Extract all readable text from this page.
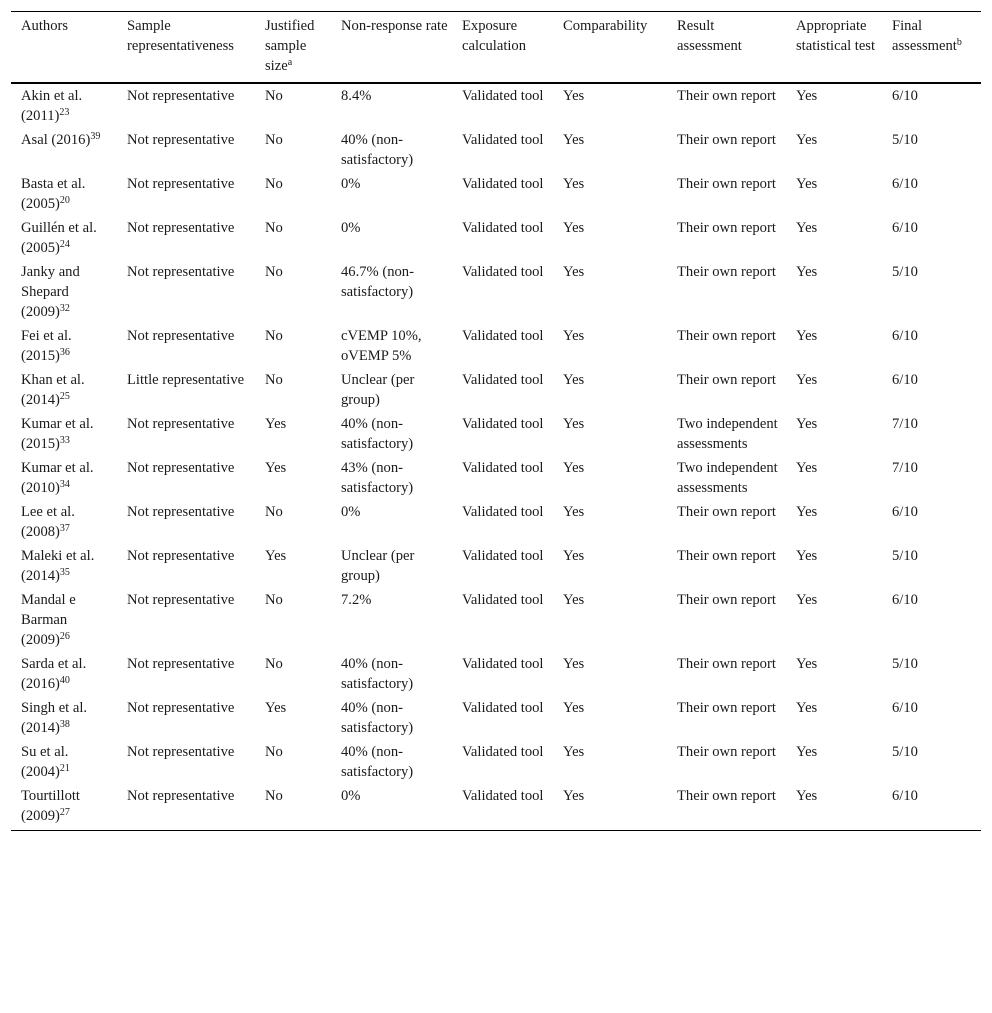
Authors	Sample representativeness	Justified sample size$^a$	Non-response rate	Exposure calculation	Comparability	Result assessment	Appropriate statistical test	Final assessment$^b$
Akin et al. $(2011)^{23}$	Not representative	No	8.4%	Validated tool	Yes	Their own report	Yes	6/10
Asal $(2016)^{39}$	Not representative	No	40% (non-satisfactory)	Validated tool	Yes	Their own report	Yes	5/10
Basta et al. $(2005)^{20}$	Not representative	No	0%	Validated tool	Yes	Their own report	Yes	6/10
Guillén et al. $(2005)^{24}$	Not representative	No	0%	Validated tool	Yes	Their own report	Yes	6/10
Janky and Shepard $(2009)^{32}$	Not representative	No	46.7% (non-satisfactory)	Validated tool	Yes	Their own report	Yes	5/10
Fei et al. $(2015)^{36}$	Not representative	No	cVEMP 10%, oVEMP 5%	Validated tool	Yes	Their own report	Yes	6/10
Khan et al. $(2014)^{25}$	Little representative	No	Unclear (per group)	Validated tool	Yes	Their own report	Yes	6/10
Kumar et al. $(2015)^{33}$	Not representative	Yes	40% (non-satisfactory)	Validated tool	Yes	Two independent assessments	Yes	7/10
Kumar et al. $(2010)^{34}$	Not representative	Yes	43% (non-satisfactory)	Validated tool	Yes	Two independent assessments	Yes	7/10
Lee et al. $(2008)^{37}$	Not representative	No	0%	Validated tool	Yes	Their own report	Yes	6/10
Maleki et al. $(2014)^{35}$	Not representative	Yes	Unclear (per group)	Validated tool	Yes	Their own report	Yes	5/10
Mandal e Barman $(2009)^{26}$	Not representative	No	7.2%	Validated tool	Yes	Their own report	Yes	6/10
Sarda et al. $(2016)^{40}$	Not representative	No	40% (non-satisfactory)	Validated tool	Yes	Their own report	Yes	5/10
Singh et al. $(2014)^{38}$	Not representative	Yes	40% (non-satisfactory)	Validated tool	Yes	Their own report	Yes	6/10
Su et al. $(2004)^{21}$	Not representative	No	40% (non-satisfactory)	Validated tool	Yes	Their own report	Yes	5/10
Tourtillott $(2009)^{27}$	Not representative	No	0%	Validated tool	Yes	Their own report	Yes	6/10
